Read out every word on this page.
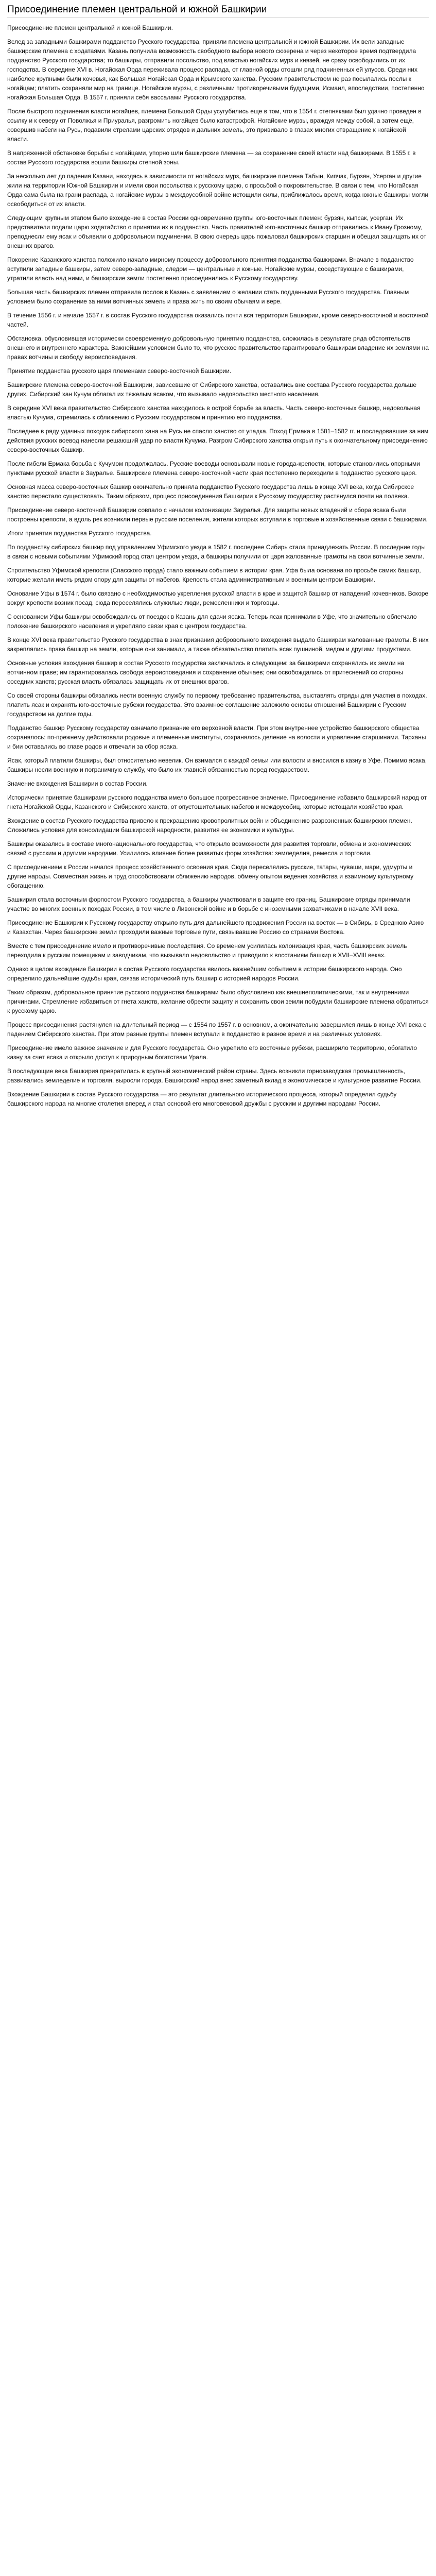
Присоединение племен центральной и южной Башкирии

Присоединение племен центральной и южной Башкирии.

Вслед за западными башкирами подданство Русского государства, приняли племена центральной и южной Башкирии. Их вели западные башкирские племена с ходатаями. Казань получила возможность свободного выбора нового сюзерена и через некоторое время подтвердила подданство Русского государства; то башкиры, отправили посольство, под властью ногайских мурз и князей, не сразу освободились от их господства. В середине XVI в. Ногайская Орда переживала процесс распада, от главной орды отошли ряд подчиненных ей улусов. Среди них наиболее крупными были кочевья, как Большая Ногайская Орда и Крымского ханства. Русским правительством не раз посылались послы к ногайцам; платить сохраняли мир на границе. Ногайские мурзы, с различными противоречивыми будущими, Исмаил, впоследствии, постепенно ногайская Большая Орда. В 1557 г. приняли себя вассалами Русского государства.

После быстрого подчинения власти ногайцев, племена Большой Орды усугубились еще в том, что в 1554 г. степняками был удачно проведен в ссылку и к северу от Поволжья и Приуралья, разгромить ногайцев было катастрофой. Ногайские мурзы, враждуя между собой, а затем ещё, совершив набеги на Русь, подавили стрелами царских отрядов и дальних земель, это прививало в глазах многих отвращение к ногайской власти.

В напряженной обстановке борьбы с ногайцами, упорно шли башкирские племена — за сохранение своей власти над башкирами. В 1555 г. в состав Русского государства вошли башкиры степной зоны.

За несколько лет до падения Казани, находясь в зависимости от ногайских мурз, башкирские племена Табын, Кипчак, Бурзян, Усерган и другие жили на территории Южной Башкирии и имели свои посольства к русскому царю, с просьбой о покровительстве. В связи с тем, что Ногайская Орда сама была на грани распада, а ногайские мурзы в междоусобной войне истощили силы, приближалось время, когда южные башкиры могли освободиться от их власти.

Следующим крупным этапом было вхождение в состав России одновременно группы юго-восточных племен: бурзян, кыпсак, усерган. Их представители подали царю ходатайство о принятии их в подданство. Часть правителей юго-восточных башкир отправились к Ивану Грозному, преподнесли ему ясак и объявили о добровольном подчинении. В свою очередь царь пожаловал башкирских старшин и обещал защищать их от внешних врагов.

Покорение Казанского ханства положило начало мирному процессу добровольного принятия подданства башкирами. Вначале в подданство вступили западные башкиры, затем северо-западные, следом — центральные и южные. Ногайские мурзы, соседствующие с башкирами, утратили власть над ними, и башкирские земли постепенно присоединились к Русскому государству.

Большая часть башкирских племен отправила послов в Казань с заявлением о желании стать подданными Русского государства. Главным условием было сохранение за ними вотчинных земель и права жить по своим обычаям и вере.

В течение 1556 г. и начале 1557 г. в состав Русского государства оказались почти вся территория Башкирии, кроме северо-восточной и восточной частей.

Обстановка, обусловившая исторически своевременную добровольную принятию подданства, сложилась в результате ряда обстоятельств внешнего и внутреннего характера. Важнейшим условием было то, что русское правительство гарантировало башкирам владение их землями на правах вотчины и свободу вероисповедания.

Принятие подданства русского царя племенами северо-восточной Башкирии.

Башкирские племена северо-восточной Башкирии, зависевшие от Сибирского ханства, оставались вне состава Русского государства дольше других. Сибирский хан Кучум облагал их тяжелым ясаком, что вызывало недовольство местного населения.

В середине XVI века правительство Сибирского ханства находилось в острой борьбе за власть. Часть северо-восточных башкир, недовольная властью Кучума, стремилась к сближению с Русским государством и принятию его подданства.

Последнее в ряду удачных походов сибирского хана на Русь не спасло ханство от упадка. Поход Ермака в 1581–1582 гг. и последовавшие за ним действия русских воевод нанесли решающий удар по власти Кучума. Разгром Сибирского ханства открыл путь к окончательному присоединению северо-восточных башкир.

После гибели Ермака борьба с Кучумом продолжалась. Русские воеводы основывали новые города-крепости, которые становились опорными пунктами русской власти в Зауралье. Башкирские племена северо-восточной части края постепенно переходили в подданство русского царя.

Основная масса северо-восточных башкир окончательно приняла подданство Русского государства лишь в конце XVI века, когда Сибирское ханство перестало существовать. Таким образом, процесс присоединения Башкирии к Русскому государству растянулся почти на полвека.

Присоединение северо-восточной Башкирии совпало с началом колонизации Зауралья. Для защиты новых владений и сбора ясака были построены крепости, а вдоль рек возникли первые русские поселения, жители которых вступали в торговые и хозяйственные связи с башкирами.

Итоги принятия подданства Русского государства.

По подданству сибирских башкир под управлением Уфимского уезда в 1582 г. последнее Сибирь стала принадлежать России. В последние годы в связи с новыми событиями Уфимский город стал центром уезда, а башкиры получили от царя жалованные грамоты на свои вотчинные земли.

Строительство Уфимской крепости (Спасского города) стало важным событием в истории края. Уфа была основана по просьбе самих башкир, которые желали иметь рядом опору для защиты от набегов. Крепость стала административным и военным центром Башкирии.

Основание Уфы в 1574 г. было связано с необходимостью укрепления русской власти в крае и защитой башкир от нападений кочевников. Вскоре вокруг крепости возник посад, сюда переселялись служилые люди, ремесленники и торговцы.

С основанием Уфы башкиры освобождались от поездок в Казань для сдачи ясака. Теперь ясак принимали в Уфе, что значительно облегчало положение башкирского населения и укрепляло связи края с центром государства.

В конце XVI века правительство Русского государства в знак признания добровольного вхождения выдало башкирам жалованные грамоты. В них закреплялись права башкир на земли, которые они занимали, а также обязательство платить ясак пушниной, медом и другими продуктами.

Основные условия вхождения башкир в состав Русского государства заключались в следующем: за башкирами сохранялись их земли на вотчинном праве; им гарантировалась свобода вероисповедания и сохранение обычаев; они освобождались от притеснений со стороны соседних ханств; русская власть обязалась защищать их от внешних врагов.

Со своей стороны башкиры обязались нести военную службу по первому требованию правительства, выставлять отряды для участия в походах, платить ясак и охранять юго-восточные рубежи государства. Это взаимное соглашение заложило основы отношений Башкирии с Русским государством на долгие годы.

Подданство башкир Русскому государству означало признание его верховной власти. При этом внутреннее устройство башкирского общества сохранялось: по-прежнему действовали родовые и племенные институты, сохранялось деление на волости и управление старшинами. Тарханы и бии оставались во главе родов и отвечали за сбор ясака.

Ясак, который платили башкиры, был относительно невелик. Он взимался с каждой семьи или волости и вносился в казну в Уфе. Помимо ясака, башкиры несли военную и пограничную службу, что было их главной обязанностью перед государством.

Значение вхождения Башкирии в состав России.

Исторически принятие башкирами русского подданства имело большое прогрессивное значение. Присоединение избавило башкирский народ от гнета Ногайской Орды, Казанского и Сибирского ханств, от опустошительных набегов и междоусобиц, которые истощали хозяйство края.

Вхождение в состав Русского государства привело к прекращению кровопролитных войн и объединению разрозненных башкирских племен. Сложились условия для консолидации башкирской народности, развития ее экономики и культуры.

Башкиры оказались в составе многонационального государства, что открыло возможности для развития торговли, обмена и экономических связей с русским и другими народами. Усилилось влияние более развитых форм хозяйства: земледелия, ремесла и торговли.

С присоединением к России начался процесс хозяйственного освоения края. Сюда переселялись русские, татары, чуваши, мари, удмурты и другие народы. Совместная жизнь и труд способствовали сближению народов, обмену опытом ведения хозяйства и взаимному культурному обогащению.

Башкирия стала восточным форпостом Русского государства, а башкиры участвовали в защите его границ. Башкирские отряды принимали участие во многих военных походах России, в том числе в Ливонской войне и в борьбе с иноземными захватчиками в начале XVII века.

Присоединение Башкирии к Русскому государству открыло путь для дальнейшего продвижения России на восток — в Сибирь, в Среднюю Азию и Казахстан. Через башкирские земли проходили важные торговые пути, связывавшие Россию со странами Востока.

Вместе с тем присоединение имело и противоречивые последствия. Со временем усилилась колонизация края, часть башкирских земель переходила к русским помещикам и заводчикам, что вызывало недовольство и приводило к восстаниям башкир в XVII–XVIII веках.

Однако в целом вхождение Башкирии в состав Русского государства явилось важнейшим событием в истории башкирского народа. Оно определило дальнейшие судьбы края, связав исторический путь башкир с историей народов России.

Таким образом, добровольное принятие русского подданства башкирами было обусловлено как внешнеполитическими, так и внутренними причинами. Стремление избавиться от гнета ханств, желание обрести защиту и сохранить свои земли побудили башкирские племена обратиться к русскому царю.

Процесс присоединения растянулся на длительный период — с 1554 по 1557 г. в основном, а окончательно завершился лишь в конце XVI века с падением Сибирского ханства. При этом разные группы племен вступали в подданство в разное время и на различных условиях.

Присоединение имело важное значение и для Русского государства. Оно укрепило его восточные рубежи, расширило территорию, обогатило казну за счет ясака и открыло доступ к природным богатствам Урала.

В последующие века Башкирия превратилась в крупный экономический район страны. Здесь возникли горнозаводская промышленность, развивались земледелие и торговля, выросли города. Башкирский народ внес заметный вклад в экономическое и культурное развитие России.

Вхождение Башкирии в состав Русского государства — это результат длительного исторического процесса, который определил судьбу башкирского народа на многие столетия вперед и стал основой его многовековой дружбы с русским и другими народами России.
